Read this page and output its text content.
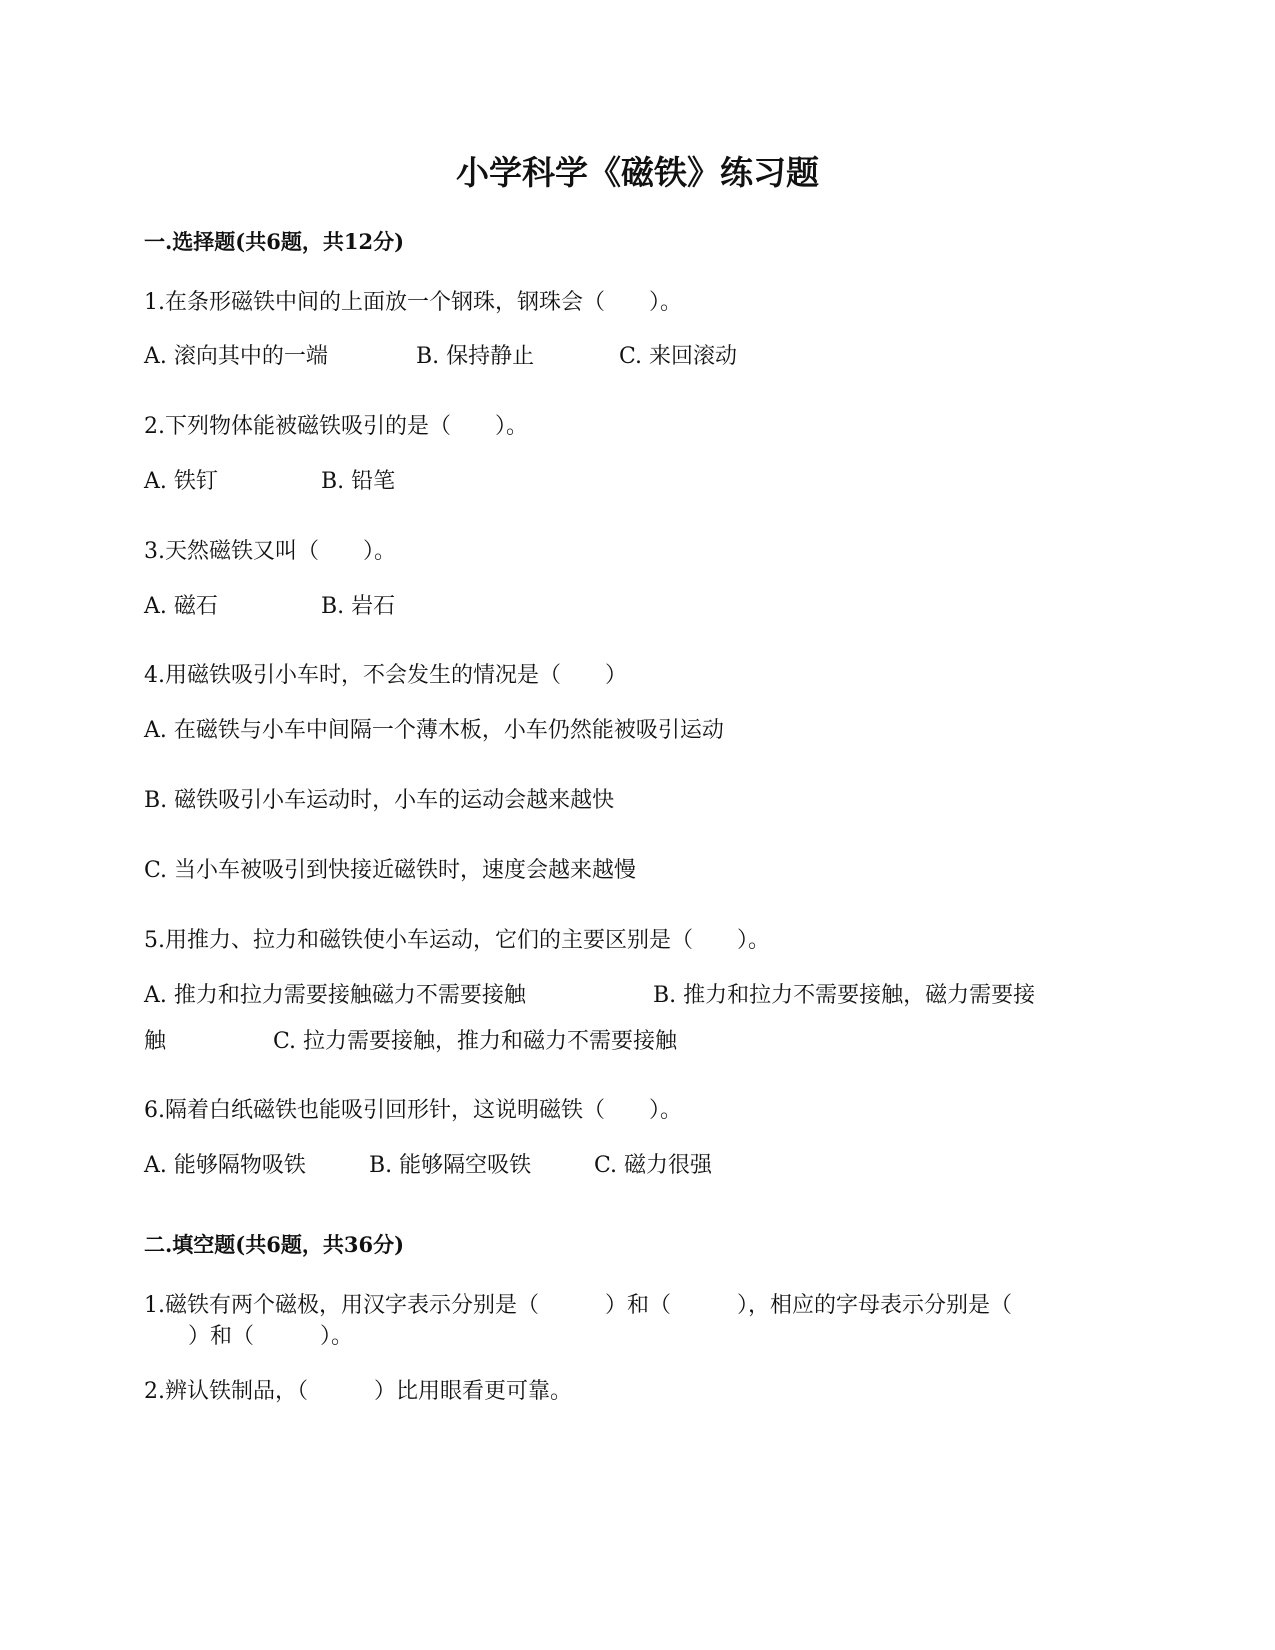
小学科学《磁铁》练习题
一.选择题(共6题，共12分)
1.在条形磁铁中间的上面放一个钢珠，钢珠会（　　）。
A. 滚向其中的一端	B. 保持静止	C. 来回滚动
2.下列物体能被磁铁吸引的是（　　）。
A. 铁钉	B. 铅笔
3.天然磁铁又叫（　　）。
A. 磁石	B. 岩石
4.用磁铁吸引小车时，不会发生的情况是（　　）
A. 在磁铁与小车中间隔一个薄木板，小车仍然能被吸引运动
B. 磁铁吸引小车运动时，小车的运动会越来越快
C. 当小车被吸引到快接近磁铁时，速度会越来越慢
5.用推力、拉力和磁铁使小车运动，它们的主要区别是（　　）。
A. 推力和拉力需要接触磁力不需要接触	B. 推力和拉力不需要接触，磁力需要接
触	C. 拉力需要接触，推力和磁力不需要接触
6.隔着白纸磁铁也能吸引回形针，这说明磁铁（　　）。
A. 能够隔物吸铁	B. 能够隔空吸铁	C. 磁力很强
二.填空题(共6题，共36分)
1.磁铁有两个磁极，用汉字表示分别是（　　　）和（　　　），相应的字母表示分别是（
　　）和（　　　）。
2.辨认铁制品，（　　　）比用眼看更可靠。
